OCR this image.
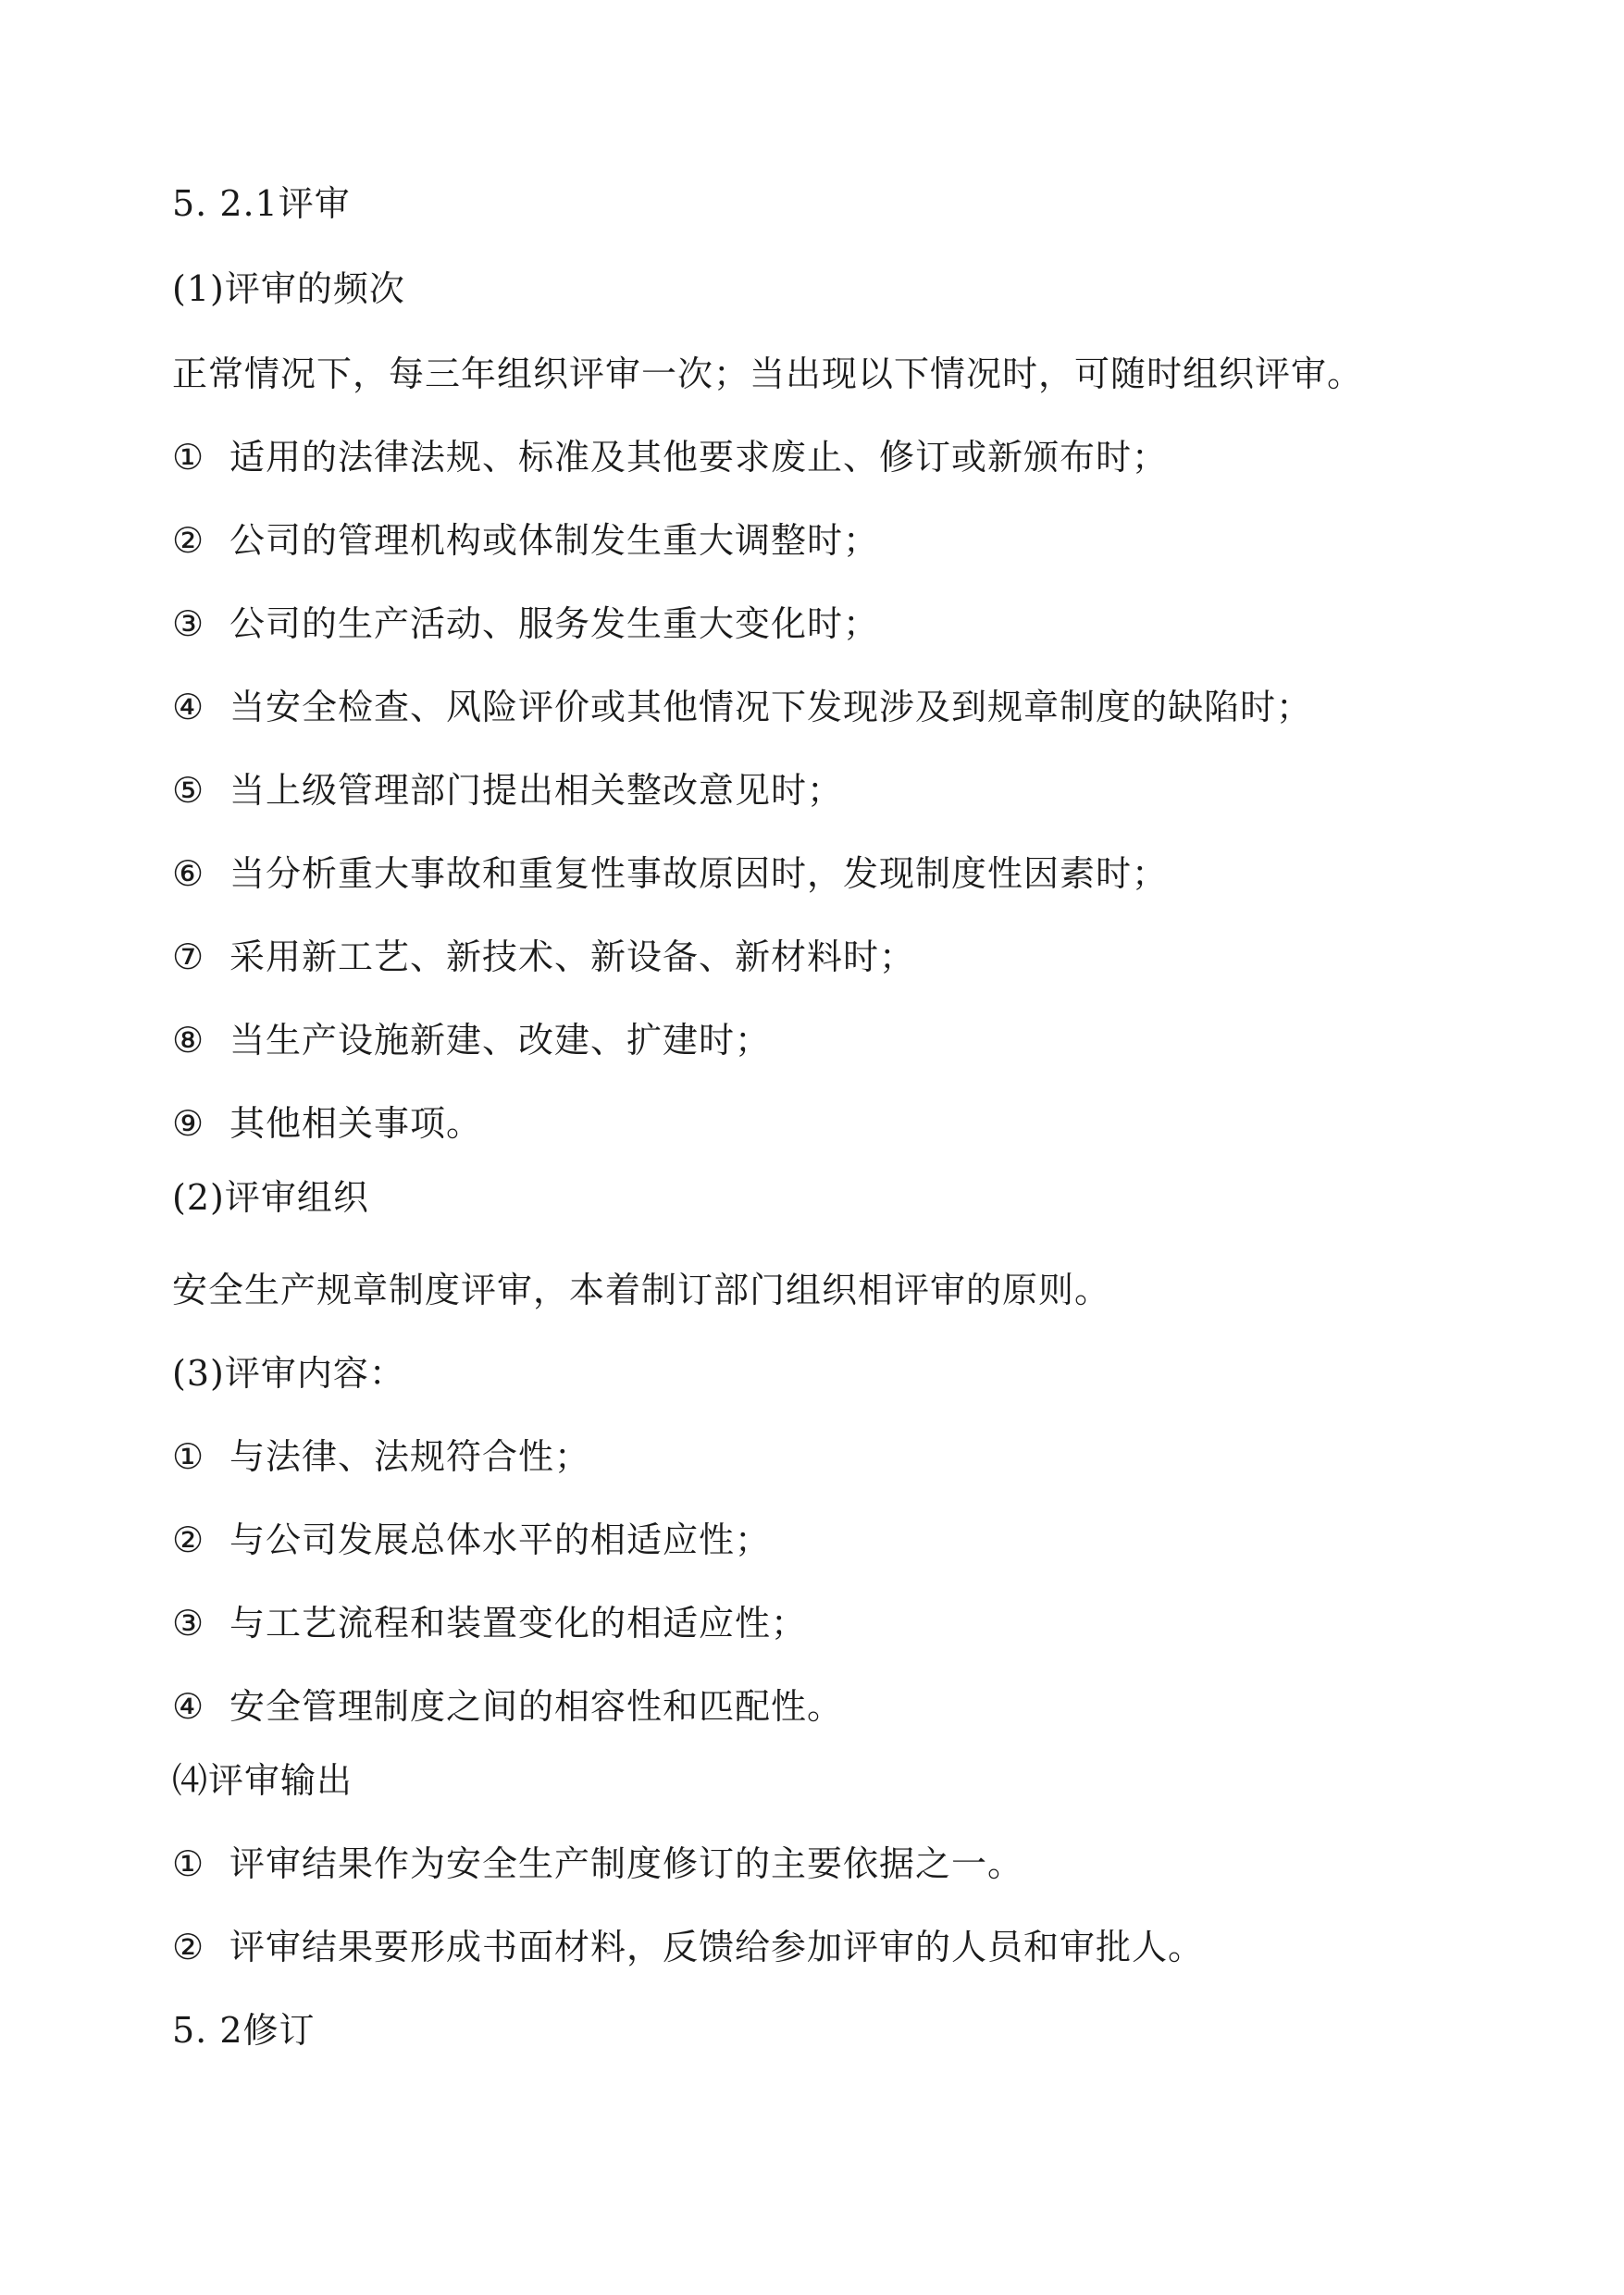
5. 2.1评审
(1)评审的频次
正常情况下，每三年组织评审一次；当出现以下情况时，可随时组织评审。
① 适用的法律法规、标准及其他要求废止、修订或新颁布时；
② 公司的管理机构或体制发生重大调整时；
③ 公司的生产活动、服务发生重大变化时；
④ 当安全检查、风险评价或其他情况下发现涉及到规章制度的缺陷时；
⑤ 当上级管理部门提出相关整改意见时；
⑥ 当分析重大事故和重复性事故原因时，发现制度性因素时；
⑦ 采用新工艺、新技术、新设备、新材料时；
⑧ 当生产设施新建、改建、扩建时；
⑨ 其他相关事项。
(2)评审组织
安全生产规章制度评审，本着制订部门组织相评审的原则。
(3)评审内容：
① 与法律、法规符合性；
② 与公司发展总体水平的相适应性；
③ 与工艺流程和装置变化的相适应性；
④ 安全管理制度之间的相容性和匹配性。
⑷评审输出
① 评审结果作为安全生产制度修订的主要依据之一。
② 评审结果要形成书面材料，反馈给参加评审的人员和审批人。
5. 2修订
